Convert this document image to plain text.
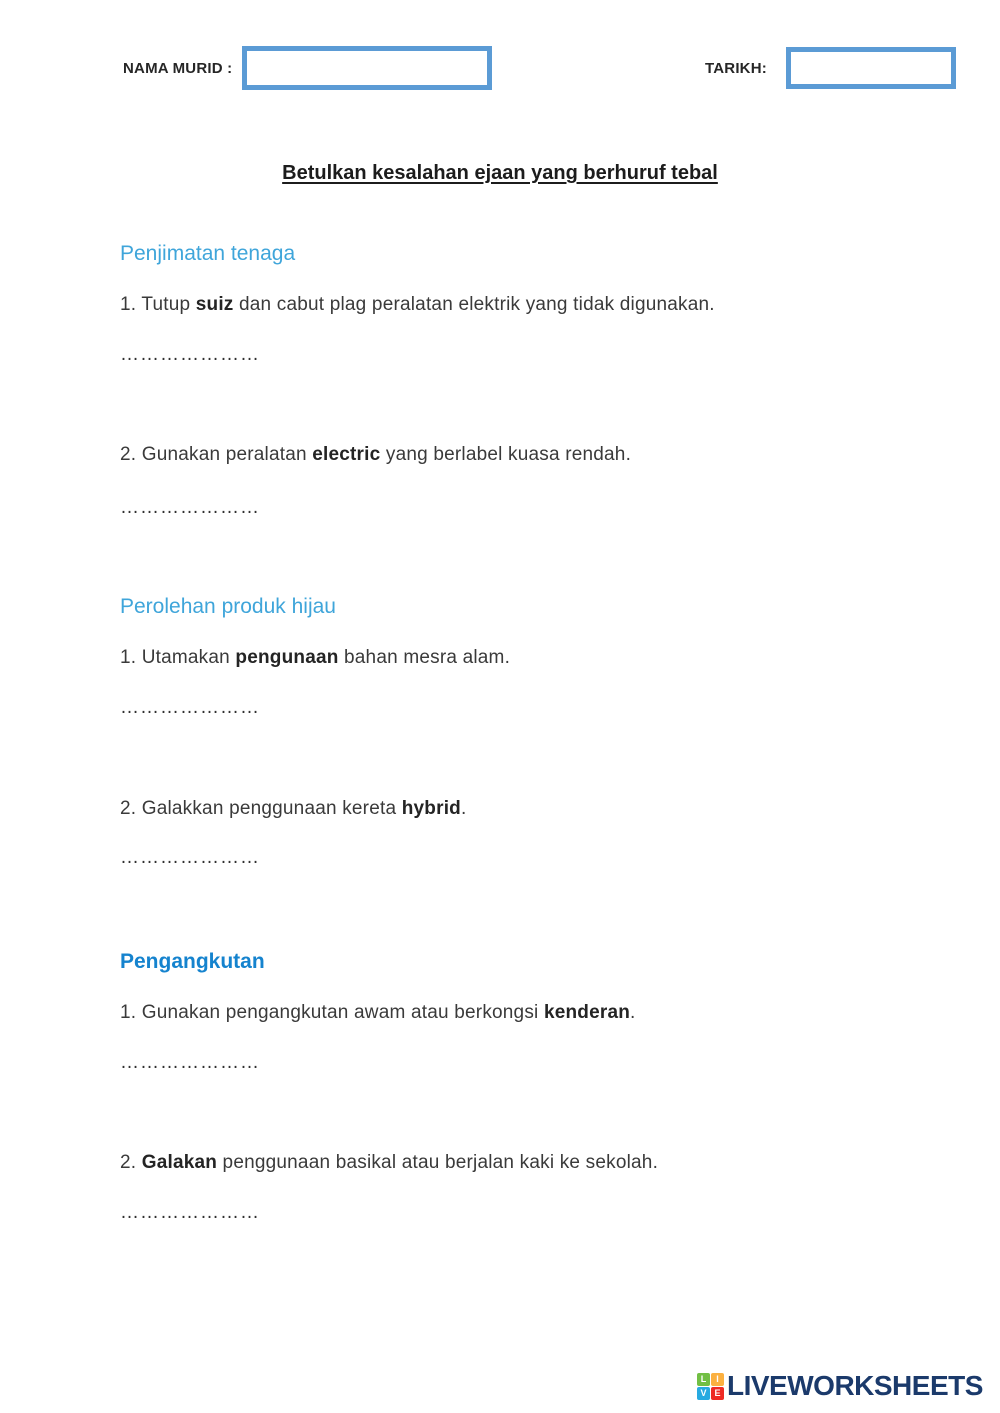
NAMA MURID :	TARIKH:
Betulkan kesalahan ejaan yang berhuruf tebal
Penjimatan tenaga
1. Tutup suiz dan cabut plag peralatan elektrik yang tidak digunakan.
…………………
2. Gunakan peralatan electric yang berlabel kuasa rendah.
…………………
Perolehan produk hijau
1. Utamakan pengunaan bahan mesra alam.
…………………
2. Galakkan penggunaan kereta hybrid.
…………………
Pengangkutan
1. Gunakan pengangkutan awam atau berkongsi kenderan.
…………………
2. Galakan penggunaan basikal atau berjalan kaki ke sekolah.
…………………
L	I
V E LIVEWORKSHEETS
